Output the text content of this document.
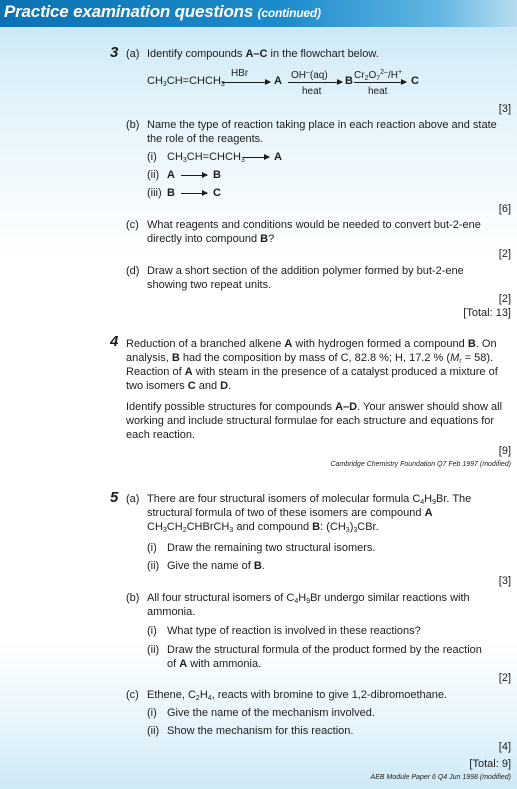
Practice examination questions (continued)
3 (a) Identify compounds A–C in the flowchart below.
$CH_3CH=CHCH_3$
HBr
A OH–(aq)
heat
B $Cr_2O_7^{2-}/H^+$
heat
C
[3]
(b) Name the type of reaction taking place in each reaction above and state
the role of the reagents.
(i) $CH_3CH=CHCH_3$	A
(ii) A	B
(iii) B	C
[6]
(c) What reagents and conditions would be needed to convert but-2-ene
directly into compound B?
[2]
(d) Draw a short section of the addition polymer formed by but-2-ene
showing two repeat units.
[2]
[Total: 13]
4 Reduction of a branched alkene A with hydrogen formed a compound B. On
analysis, B had the composition by mass of C, 82.8 %; H, 17.2 % $(M_r = 58)$.
Reaction of A with steam in the presence of a catalyst produced a mixture of
two isomers C and D.
Identify possible structures for compounds A–D. Your answer should show all
working and include structural formulae for each structure and equations for
each reaction.
[9]
Cambridge Chemistry Foundation Q7 Feb 1997 (modified)
5 (a) There are four structural isomers of molecular formula $C_4H_9Br$. The
structural formula of two of these isomers are compound A
$CH_3CH_2CHBrCH_3$ and compound B: $(CH_3)_3CBr$.
(i) Draw the remaining two structural isomers.
(ii) Give the name of B.
[3]
(b) All four structural isomers of $C_4H_9Br$ undergo similar reactions with
ammonia.
(i) What type of reaction is involved in these reactions?
(ii) Draw the structural formula of the product formed by the reaction
of A with ammonia.
[2]
(c) Ethene, $C_2H_4$, reacts with bromine to give 1,2-dibromoethane.
(i) Give the name of the mechanism involved.
(ii) Show the mechanism for this reaction.
[4]
[Total: 9]
AEB Module Paper 6 Q4 Jun 1998 (modified)
